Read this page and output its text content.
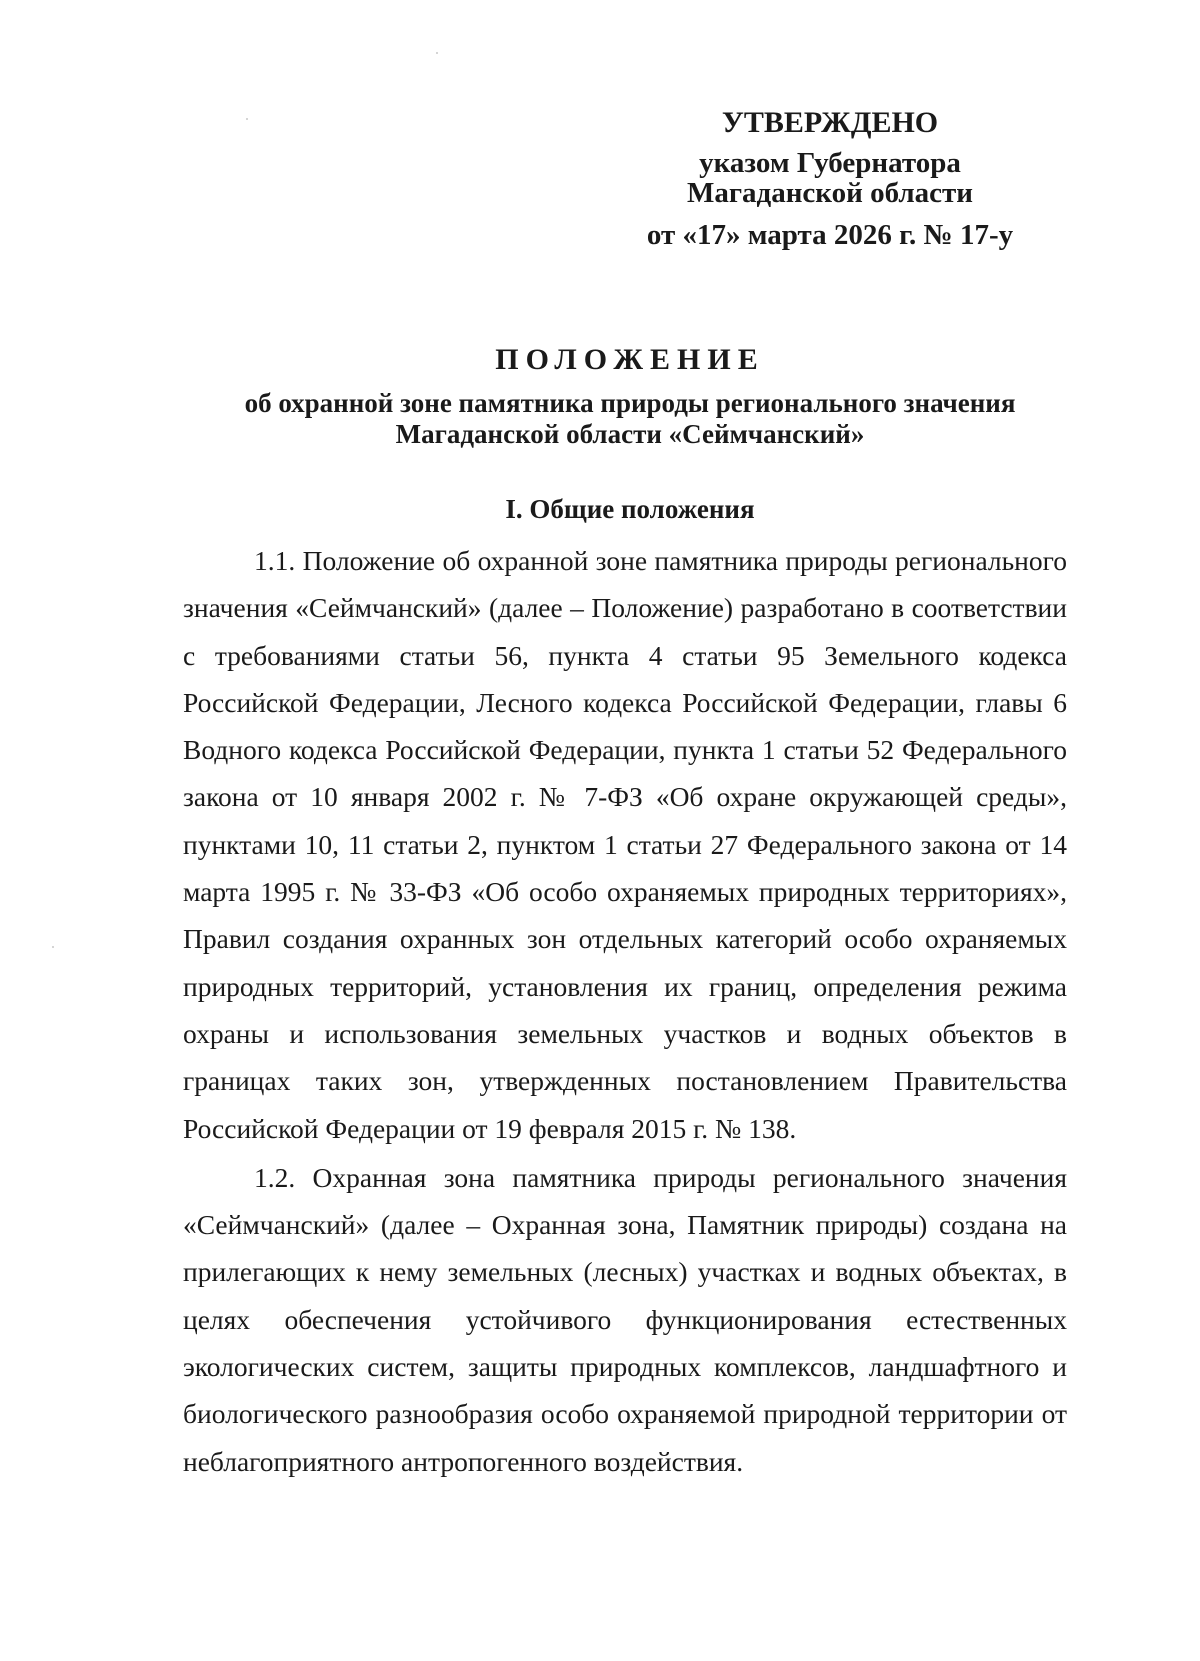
УТВЕРЖДЕНО
указом Губернатора
Магаданской области
от «17» марта 2026 г. № 17-у
ПОЛОЖЕНИЕ
об охранной зоне памятника природы регионального значения
Магаданской области «Сеймчанский»
I. Общие положения

1.1. Положение об охранной зоне памятника природы регионального значения «Сеймчанский» (далее – Положение) разработано в соответствии с требованиями статьи 56, пункта 4 статьи 95 Земельного кодекса Российской Федерации, Лесного кодекса Российской Федерации, главы 6 Водного кодекса Российской Федерации, пункта 1 статьи 52 Федерального закона от 10 января 2002 г. № 7-ФЗ «Об охране окружающей среды», пунктами 10, 11 статьи 2, пунктом 1 статьи 27 Федерального закона от 14 марта 1995 г. № 33-ФЗ «Об особо охраняемых природных территориях», Правил создания охранных зон отдельных категорий особо охраняемых природных территорий, установления их границ, определения режима охраны и использования земельных участков и водных объектов в границах таких зон, утвержденных постановлением Правительства Российской Федерации от 19 февраля 2015 г. № 138.

1.2. Охранная зона памятника природы регионального значения «Сеймчанский» (далее – Охранная зона, Памятник природы) создана на прилегающих к нему земельных (лесных) участках и водных объектах, в целях обеспечения устойчивого функционирования естественных экологических систем, защиты природных комплексов, ландшафтного и биологического разнообразия особо охраняемой природной территории от неблагоприятного антропогенного воздействия.
